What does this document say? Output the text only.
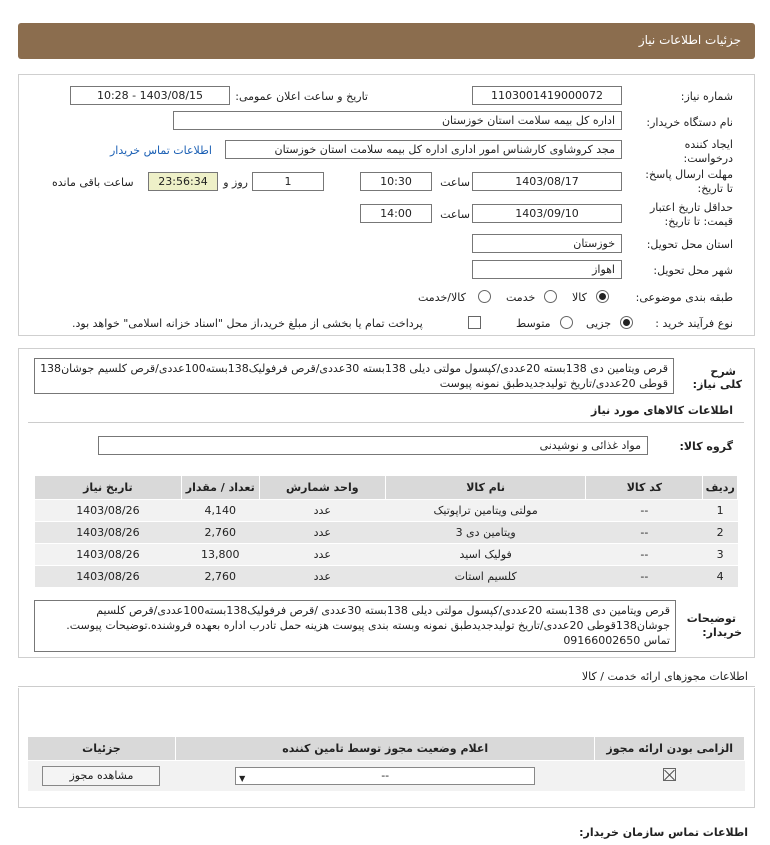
جزئیات اطلاعات نیاز
شماره نیاز:
1103001419000072
تاریخ و ساعت اعلان عمومی:
1403/08/15 - 10:28
نام دستگاه خریدار:
اداره کل بیمه سلامت استان خوزستان
ایجاد کننده
درخواست:
مجد کروشاوی کارشناس امور اداری اداره کل بیمه سلامت استان خوزستان
اطلاعات تماس خریدار
مهلت ارسال پاسخ:
تا تاریخ:
1403/08/17
ساعت
10:30
1
روز و
23:56:34
ساعت باقی مانده
حداقل تاریخ اعتبار
قیمت: تا تاریخ:
1403/09/10
ساعت
14:00
استان محل تحویل:
خوزستان
شهر محل تحویل:
اهواز
طبقه بندی موضوعی:
کالا
خدمت
کالا/خدمت
نوع فرآیند خرید :
جزیی
متوسط
پرداخت تمام یا بخشی از مبلغ خرید،از محل "اسناد خزانه اسلامی" خواهد بود.
شرح
کلی نیاز:
قرص ویتامین دی 138بسته 20عددی/کپسول مولتی دیلی 138بسته 30عددی/قرص فرفولیک138بسته100عددی/قرص کلسیم جوشان138 قوطی 20عددی/تاریخ تولیدجدیدطبق نمونه پیوست
اطلاعات کالاهای مورد نیاز
گروه کالا:
مواد غذائی و نوشیدنی
ردیف	کد کالا	نام کالا	واحد شمارش	تعداد / مقدار	تاریخ نیاز
1	--	مولتی ویتامین تراپوتیک	عدد	4,140	1403/08/26
2	--	ویتامین دی 3	عدد	2,760	1403/08/26
3	--	فولیک اسید	عدد	13,800	1403/08/26
4	--	کلسیم استات	عدد	2,760	1403/08/26
توضیحات
خریدار:
قرص ویتامین دی 138بسته 20عددی/کپسول مولتی دیلی 138بسته 30عددی /قرص فرفولیک138بسته100عددی/قرص کلسیم جوشان138قوطی 20عددی/تاریخ تولیدجدیدطبق نمونه وبسته بندی پیوست هزینه حمل تادرب اداره بعهده فروشنده.توضیحات پیوست. تماس 09166002650
اطلاعات مجوزهای ارائه خدمت / کالا
الزامی بودن ارائه مجوز	اعلام وضعیت مجوز توسط تامین کننده	جزئیات

	▼ --	مشاهده مجوز
اطلاعات تماس سازمان خریدار:
